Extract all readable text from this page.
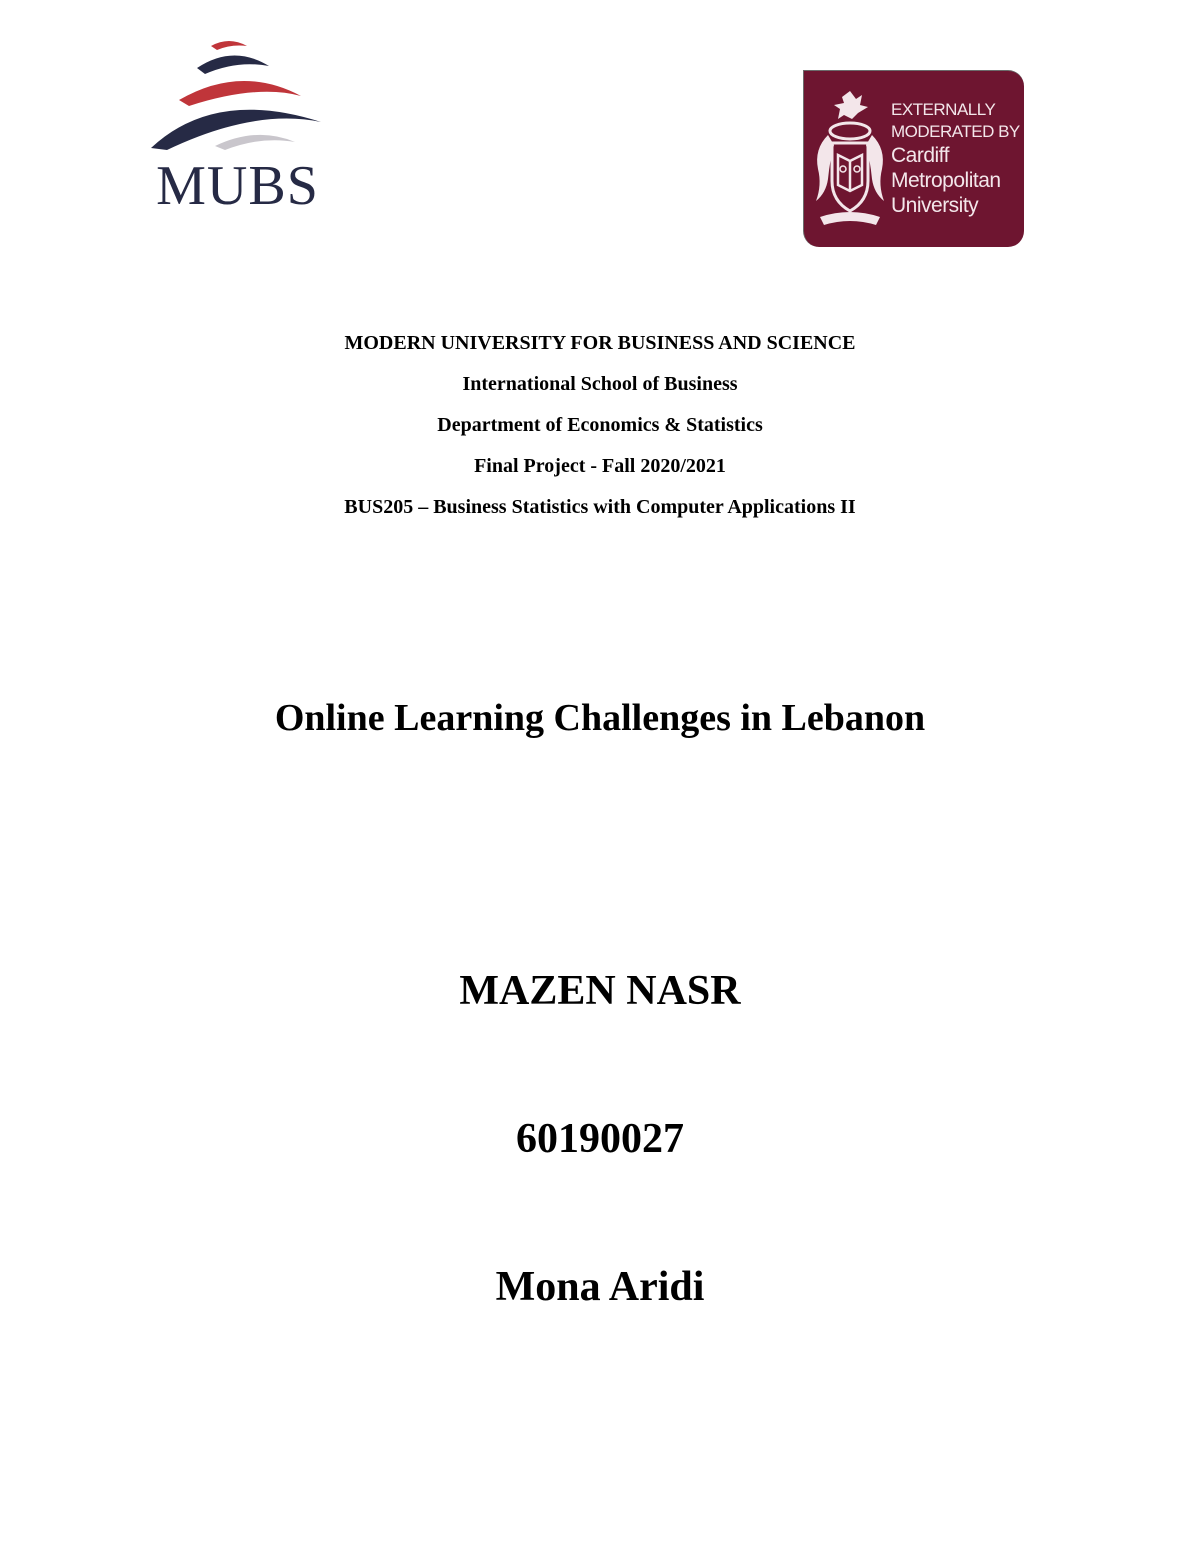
MUBS
EXTERNALLY
MODERATED BY
Cardiff
Metropolitan
University
MODERN UNIVERSITY FOR BUSINESS AND SCIENCE
International School of Business
Department of Economics & Statistics
Final Project - Fall 2020/2021
BUS205 – Business Statistics with Computer Applications II
Online Learning Challenges in Lebanon
MAZEN NASR
60190027
Mona Aridi
